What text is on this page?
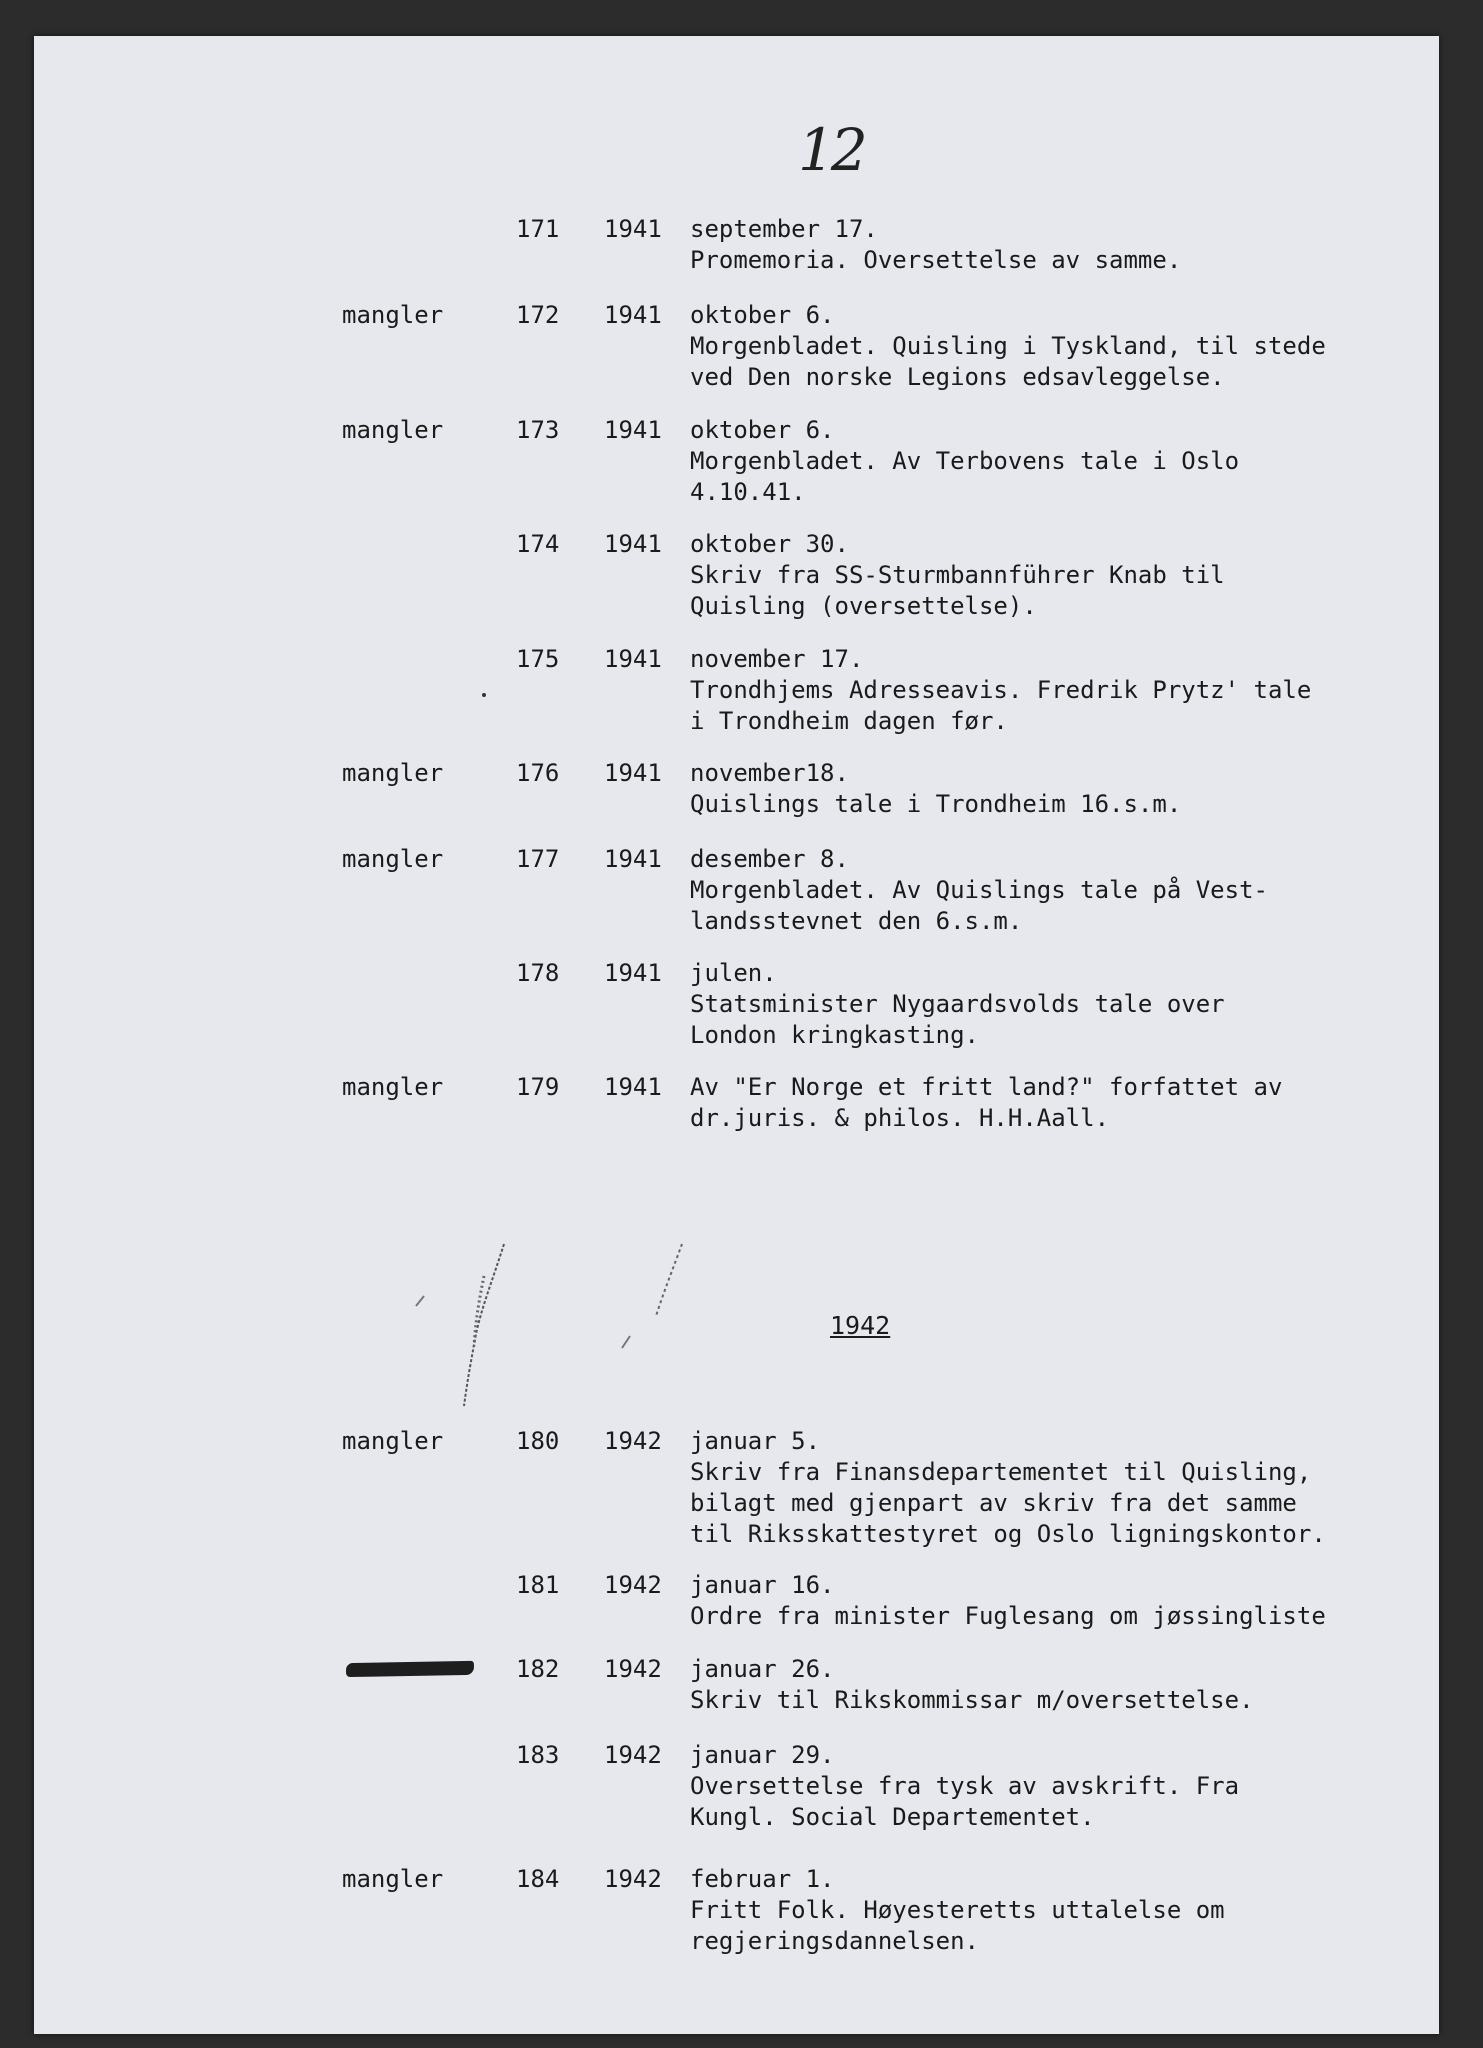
12
171 1941 september 17.
Promemoria. Oversettelse av samme.
mangler	172 1941 oktober 6.
Morgenbladet. Quisling i Tyskland, til stede
ved Den norske Legions edsavleggelse.
mangler	173 1941 oktober 6.
Morgenbladet. Av Terbovens tale i Oslo
4.10.41.
174 1941 oktober 30.
Skriv fra SS-Sturmbannführer Knab til
Quisling (oversettelse).
175 1941 november 17.
Trondhjems Adresseavis. Fredrik Prytz' tale
i Trondheim dagen før.
mangler	176 1941 november18.
Quislings tale i Trondheim 16.s.m.
mangler	177 1941 desember 8.
Morgenbladet. Av Quislings tale på Vest-
landsstevnet den 6.s.m.
178 1941 julen.
Statsminister Nygaardsvolds tale over
London kringkasting.
mangler	179 1941 Av "Er Norge et fritt land?" forfattet av
dr.juris. & philos. H.H.Aall.
1942
mangler	180 1942 januar 5.
Skriv fra Finansdepartementet til Quisling,
bilagt med gjenpart av skriv fra det samme
til Riksskattestyret og Oslo ligningskontor.
181 1942 januar 16.
Ordre fra minister Fuglesang om jøssingliste
182 1942 januar 26.
Skriv til Rikskommissar m/oversettelse.
183 1942 januar 29.
Oversettelse fra tysk av avskrift. Fra
Kungl. Social Departementet.
mangler	184 1942 februar 1.
Fritt Folk. Høyesteretts uttalelse om
regjeringsdannelsen.
